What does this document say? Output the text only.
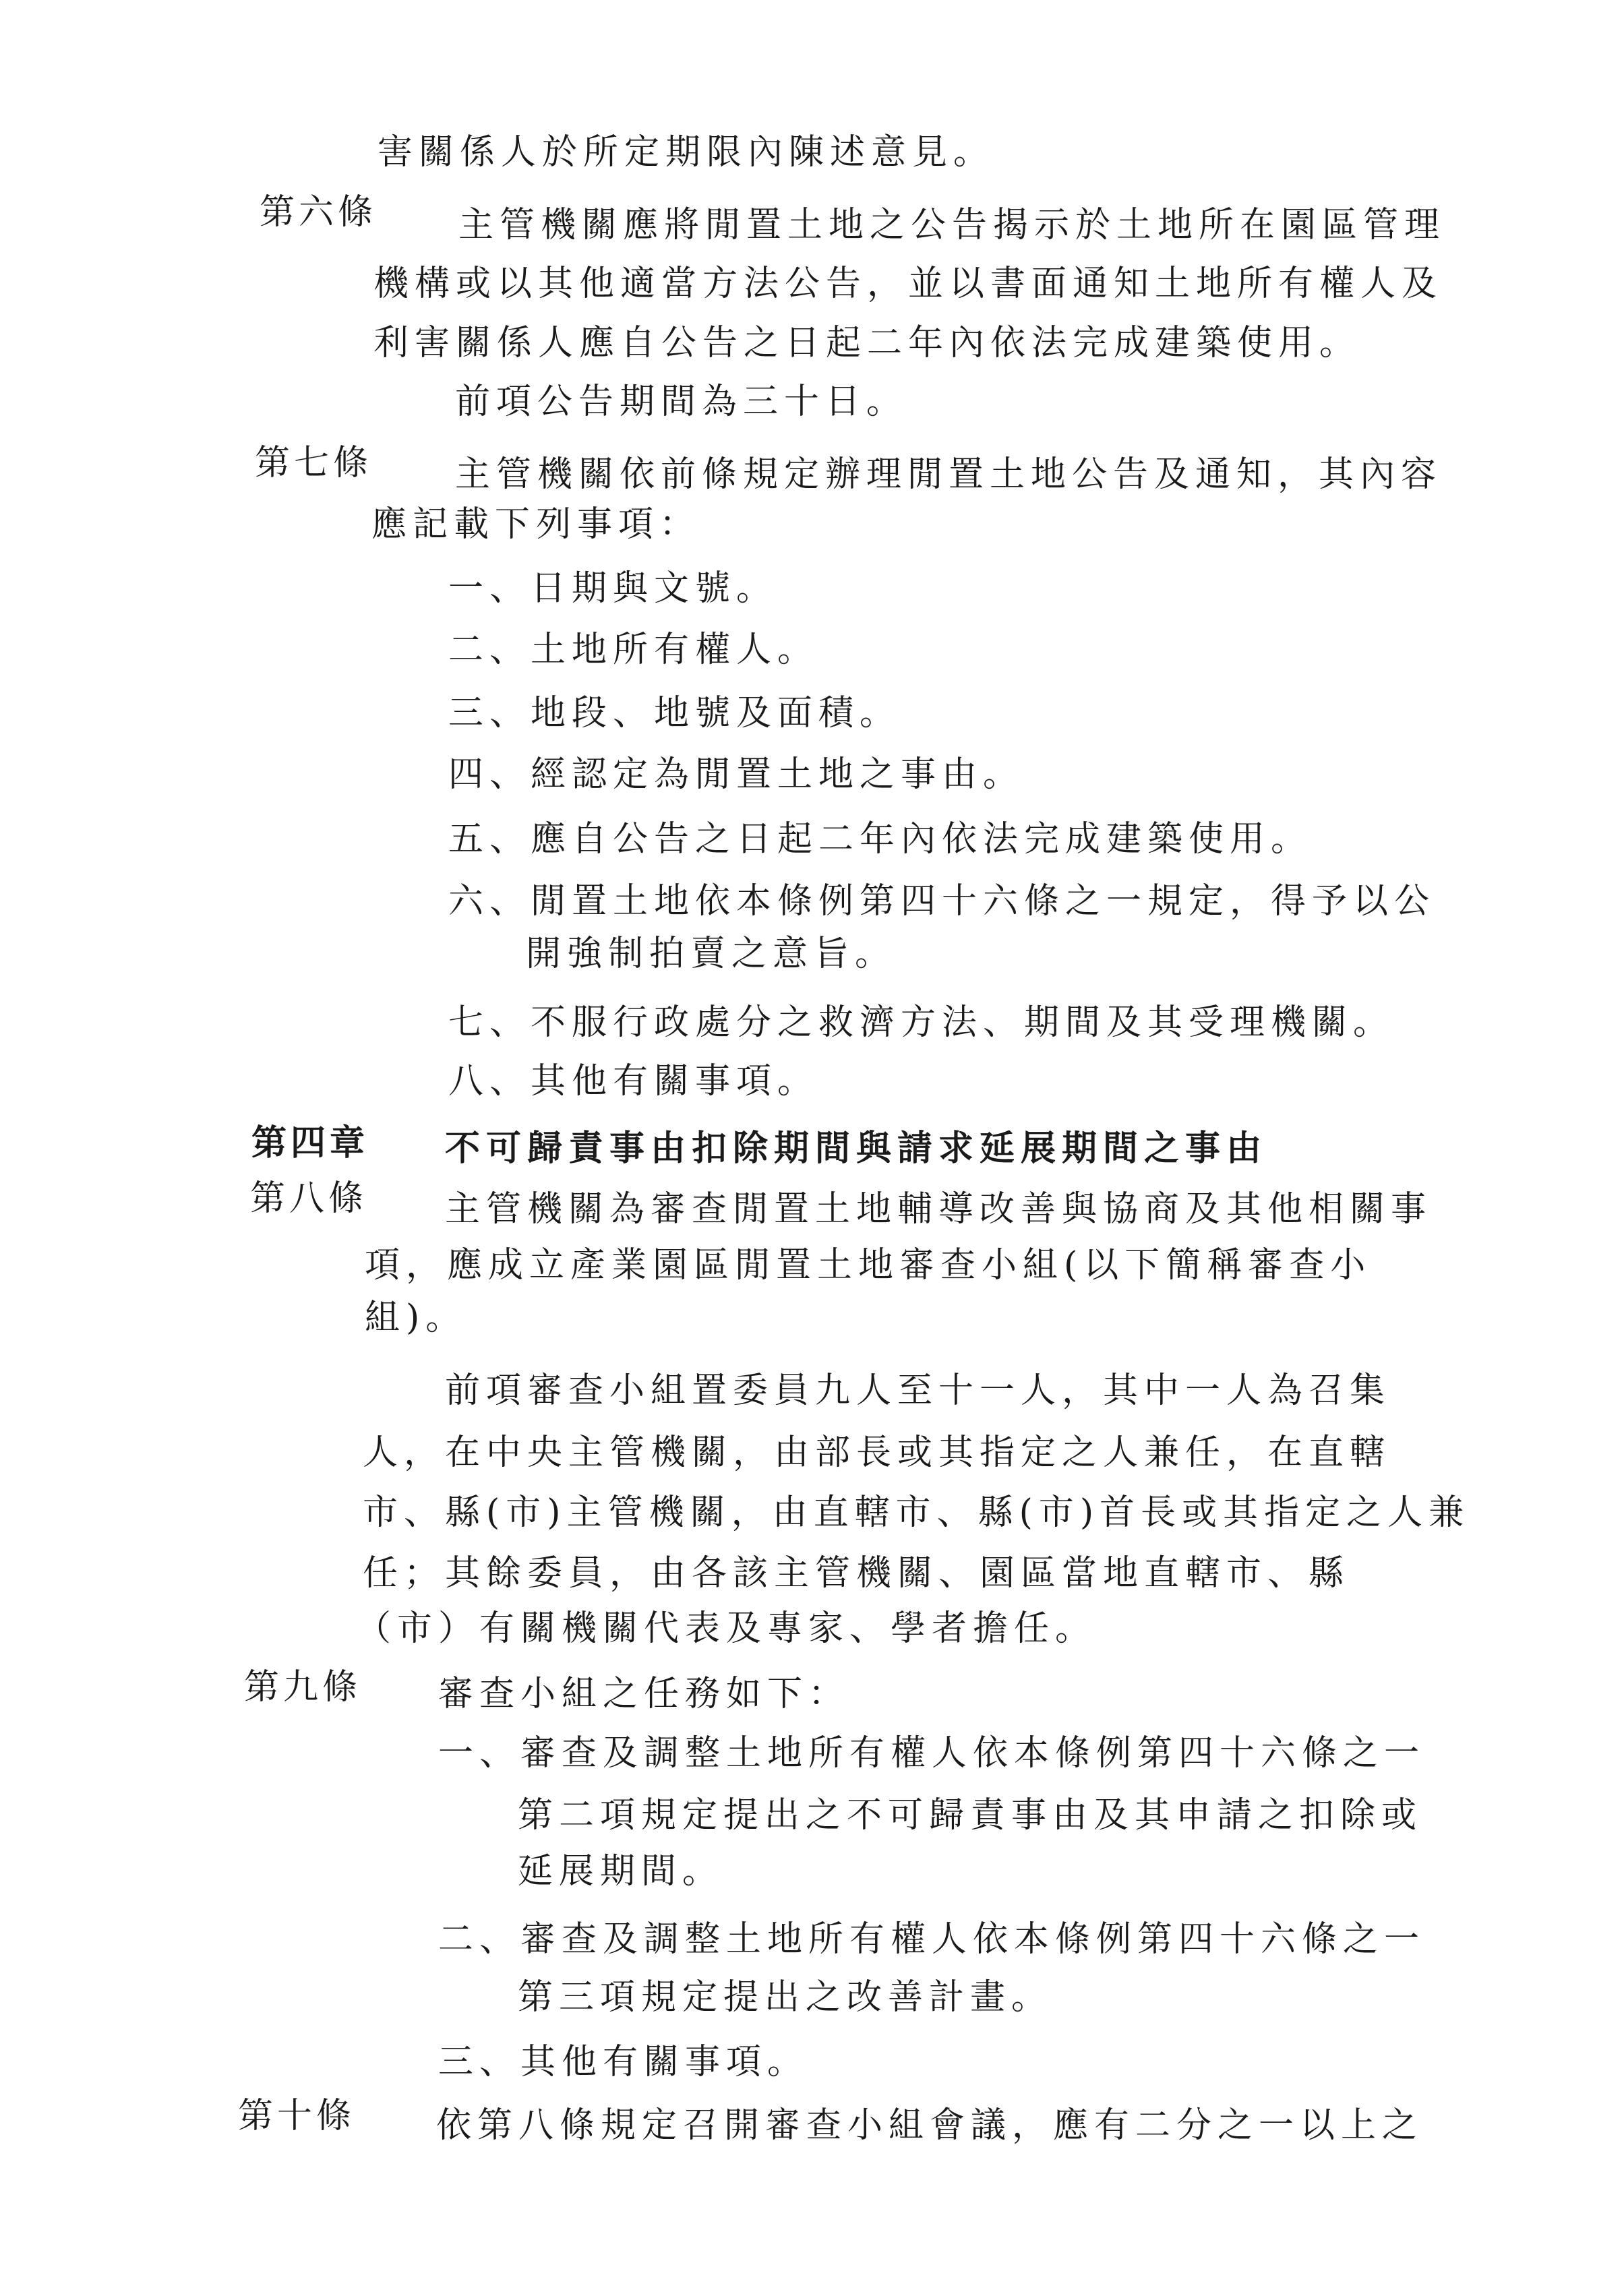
害關係人於所定期限內陳述意見。
第六條 主管機關應將閒置土地之公告揭示於土地所在園區管理
機構或以其他適當方法公告，並以書面通知土地所有權人及
利害關係人應自公告之日起二年內依法完成建築使用。
前項公告期間為三十日。
第七條 主管機關依前條規定辦理閒置土地公告及通知，其內容
應記載下列事項：
一、日期與文號。
二、土地所有權人。
三、地段、地號及面積。
四、經認定為閒置土地之事由。
五、應自公告之日起二年內依法完成建築使用。
六、閒置土地依本條例第四十六條之一規定，得予以公
開強制拍賣之意旨。
七、不服行政處分之救濟方法、期間及其受理機關。
八、其他有關事項。
第四章 不可歸責事由扣除期間與請求延展期間之事由
第八條 主管機關為審查閒置土地輔導改善與協商及其他相關事
項，應成立產業園區閒置土地審查小組(以下簡稱審查小
組)。
前項審查小組置委員九人至十一人，其中一人為召集
人，在中央主管機關，由部長或其指定之人兼任，在直轄
市、縣(市)主管機關，由直轄市、縣(市)首長或其指定之人兼
任；其餘委員，由各該主管機關、園區當地直轄市、縣
（市）有關機關代表及專家、學者擔任。
第九條 審查小組之任務如下：
一、審查及調整土地所有權人依本條例第四十六條之一
第二項規定提出之不可歸責事由及其申請之扣除或
延展期間。
二、審查及調整土地所有權人依本條例第四十六條之一
第三項規定提出之改善計畫。
三、其他有關事項。
第十條 依第八條規定召開審查小組會議，應有二分之一以上之
